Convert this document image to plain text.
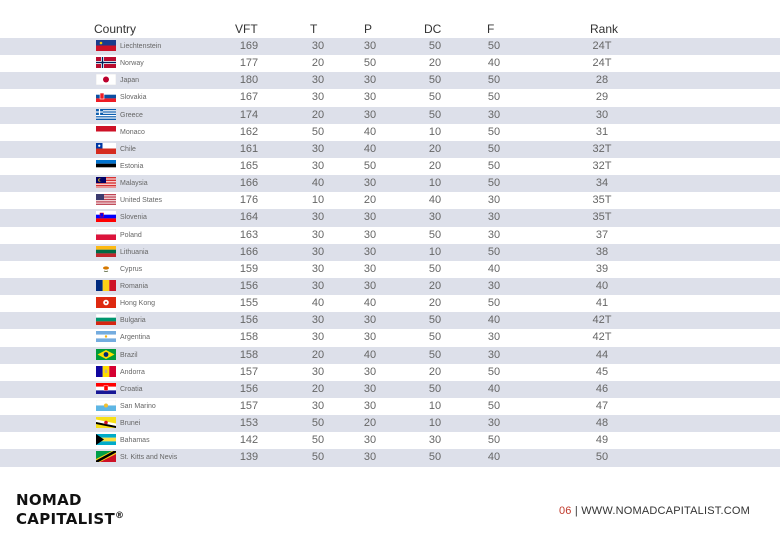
Country	VFT	T	P	DC	F	Rank
Liechtenstein	169	30	30	50	50	24T
Norway	177	20	50	20	40	24T
Japan	180	30	30	50	50	28
Slovakia	167	30	30	50	50	29
Greece	174	20	30	50	30	30
Monaco	162	50	40	10	50	31
Chile	161	30	40	20	50	32T
Estonia	165	30	50	20	50	32T
Malaysia	166	40	30	10	50	34
United States	176	10	20	40	30	35T
Slovenia	164	30	30	30	30	35T
Poland	163	30	30	50	30	37
Lithuania	166	30	30	10	50	38
Cyprus	159	30	30	50	40	39
Romania	156	30	30	20	30	40
Hong Kong	155	40	40	20	50	41
Bulgaria	156	30	30	50	40	42T
Argentina	158	30	30	50	30	42T
Brazil	158	20	40	50	30	44
Andorra	157	30	30	20	50	45
Croatia	156	20	30	50	40	46
San Marino	157	30	30	10	50	47
Brunei	153	50	20	10	30	48
Bahamas	142	50	30	30	50	49
St. Kitts and Nevis	139	50	30	50	40	50
NOMAD
CAPITALIST®	06 | WWW.NOMADCAPITALIST.COM
